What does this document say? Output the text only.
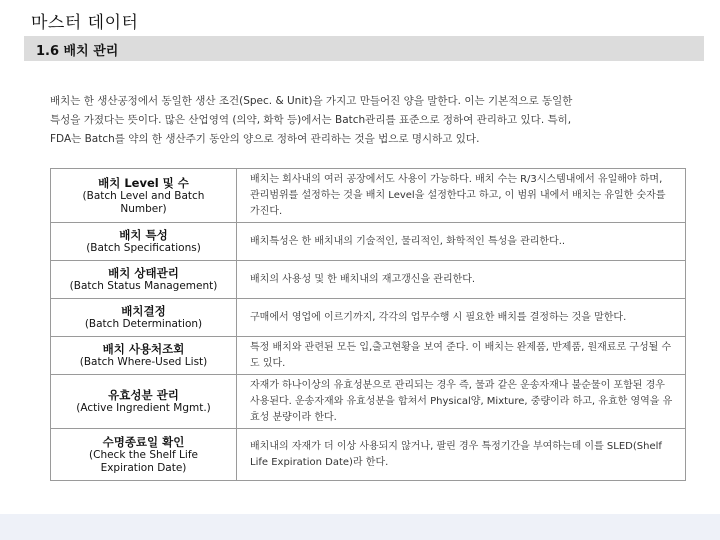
마스터 데이터
1.6 배치 관리

배치는 한 생산공정에서 동일한 생산 조건(Spec. & Unit)을 가지고 만들어진 양을 말한다. 이는 기본적으로 동일한

특성을 가졌다는 뜻이다. 많은 산업영역 (의약, 화학 등)에서는 Batch관리를 표준으로 정하여 관리하고 있다. 특히,

FDA는 Batch를 약의 한 생산주기 동안의 양으로 정하여 관리하는 것을 법으로 명시하고 있다.

배치 Level 및 수
(Batch Level and Batch Number)	배치는 회사내의 여러 공장에서도 사용이 가능하다. 배치 수는 R/3시스템내에서 유일해야 하며, 관리범위를 설정하는 것을 배치 Level을 설정한다고 하고, 이 범위 내에서 배치는 유일한 숫자를 가진다.

배치 특성
(Batch Specifications)	배치특성은 한 배치내의 기술적인, 물리적인, 화학적인 특성을 관리한다..

배치 상태관리
(Batch Status Management)	배치의 사용성 및 한 배치내의 재고갱신을 관리한다.

배치결정
(Batch Determination)	구매에서 영업에 이르기까지, 각각의 업무수행 시 필요한 배치를 결정하는 것을 말한다.

배치 사용처조회
(Batch Where-Used List)	특정 배치와 관련된 모든 입,출고현황을 보여 준다. 이 배치는 완제품, 반제품, 원재료로 구성될 수도 있다.

유효성분 관리
(Active Ingredient Mgmt.)	자재가 하나이상의 유효성분으로 관리되는 경우 즉, 물과 같은 운송자재나 불순물이 포함된 경우 사용된다. 운송자재와 유효성분을 합쳐서 Physical양, Mixture, 중량이라 하고, 유효한 영역을 유효성 분량이라 한다.

수명종료일 확인
(Check the Shelf Life Expiration Date)	배치내의 자재가 더 이상 사용되지 않거나, 팔린 경우 특정기간을 부여하는데 이를 SLED(Shelf Life Expiration Date)라 한다.
